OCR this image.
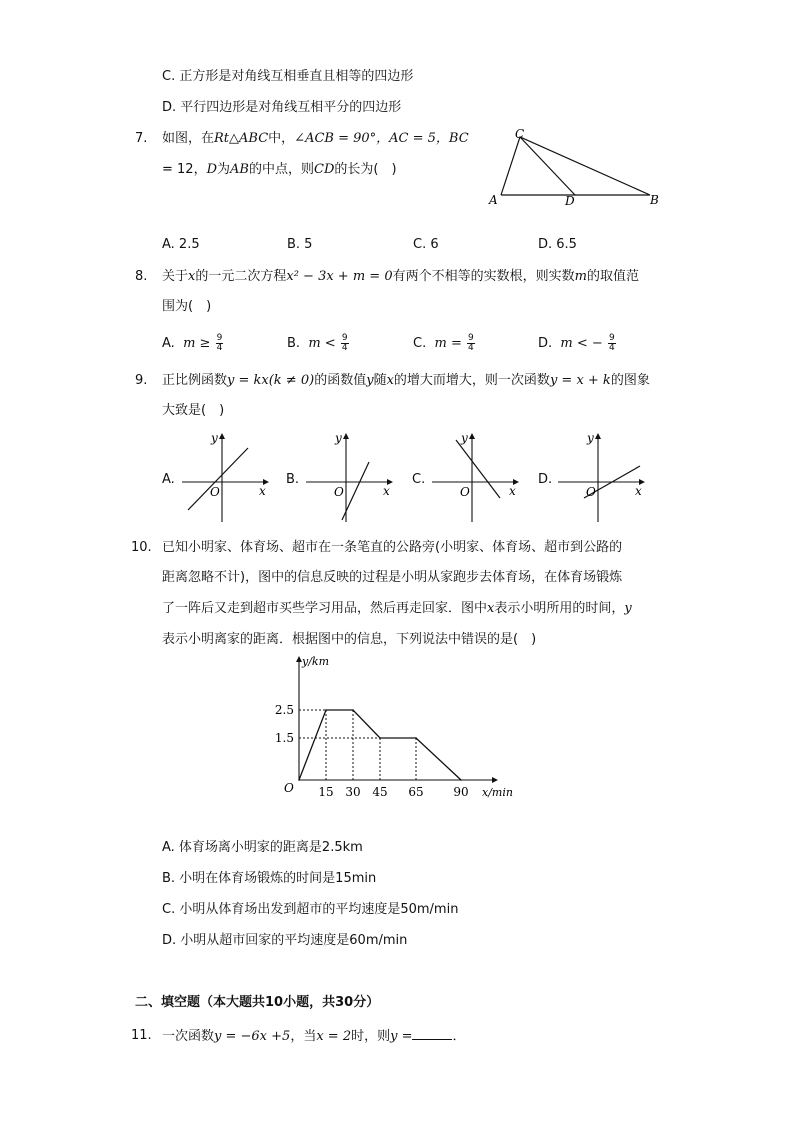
C. 正方形是对角线互相垂直且相等的四边形
D. 平行四边形是对角线互相平分的四边形
7. 如图，在Rt△ABC中，∠ACB = 90°，AC = 5，BC
= 12，D为AB的中点，则CD的长为(　)
C
A	D	B
A. 2.5	B. 5	C. 6	D. 6.5
8. 关于x的一元二次方程x² − 3x + m = 0有两个不相等的实数根，则实数m的取值范
围为(　)
A. $m \ge \frac{9}{4}$	B. $m < \frac{9}{4}$	C. $m = \frac{9}{4}$	D. m < − $\frac{9}{4}$
9. 正比例函数y = kx(k ≠ 0)的函数值y随x的增大而增大，则一次函数y = x + k的图象
大致是(　)
A.
y
x
O
B.
y
x
O
C.
y
x
O
D.
y
x
O
10. 已知小明家、体育场、超市在一条笔直的公路旁(小明家、体育场、超市到公路的
距离忽略不计)，图中的信息反映的过程是小明从家跑步去体育场，在体育场锻炼
了一阵后又走到超市买些学习用品，然后再走回家．图中x表示小明所用的时间，y
表示小明离家的距离．根据图中的信息，下列说法中错误的是(　)
y/km
x/min
O 15 30 45 65 90
2.5
1.5
A. 体育场离小明家的距离是2.5km
B. 小明在体育场锻炼的时间是15min
C. 小明从体育场出发到超市的平均速度是50m/min
D. 小明从超市回家的平均速度是60m/min
二、填空题（本大题共10小题，共30分）
11. 一次函数y = −6x +5，当x = 2时，则y =	．
